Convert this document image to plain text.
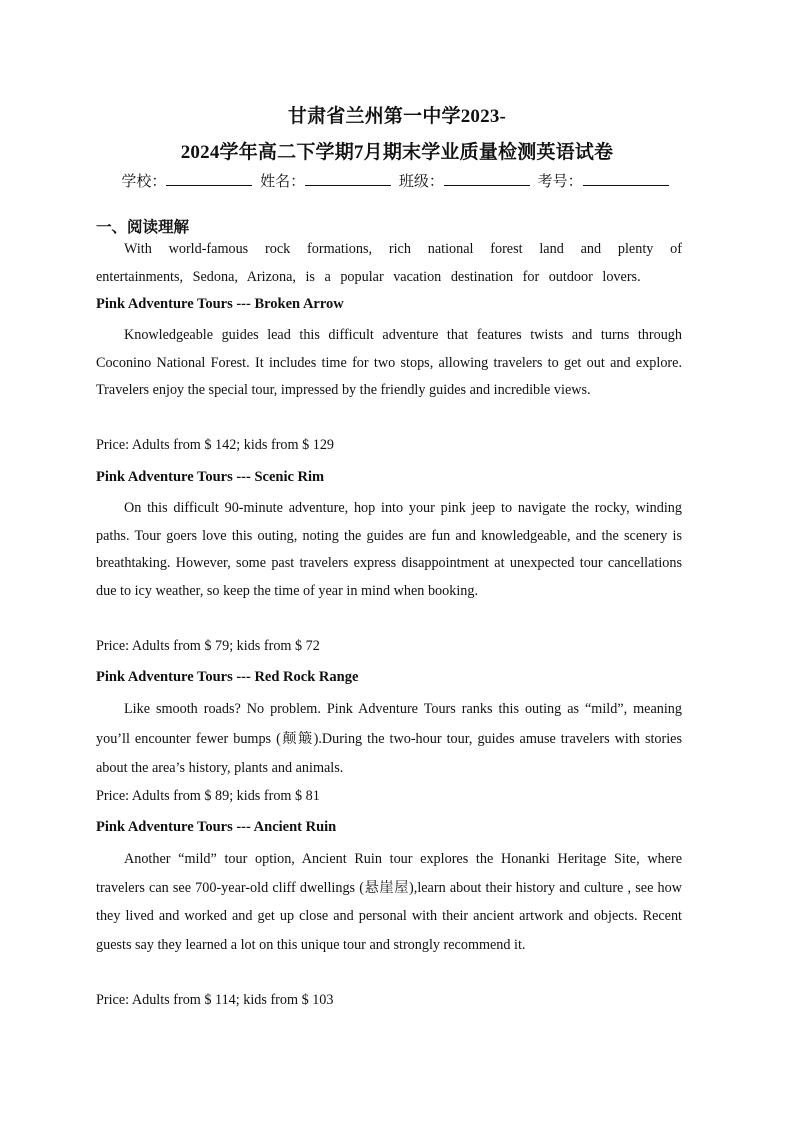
甘肃省兰州第一中学2023-
2024学年高二下学期7月期末学业质量检测英语试卷
学校：	姓名：	班级：	考号：
一、阅读理解
With world-famous rock formations, rich national forest land and plenty of entertainments, Sedona, Arizona, is a popular vacation destination for outdoor lovers.
Pink Adventure Tours --- Broken Arrow
Knowledgeable guides lead this difficult adventure that features twists and turns through Coconino National Forest. It includes time for two stops, allowing travelers to get out and explore. Travelers enjoy the special tour, impressed by the friendly guides and incredible views.
Price: Adults from $ 142; kids from $ 129
Pink Adventure Tours --- Scenic Rim
On this difficult 90-minute adventure, hop into your pink jeep to navigate the rocky, winding paths. Tour goers love this outing, noting the guides are fun and knowledgeable, and the scenery is breathtaking. However, some past travelers express disappointment at unexpected tour cancellations due to icy weather, so keep the time of year in mind when booking.
Price: Adults from $ 79; kids from $ 72
Pink Adventure Tours --- Red Rock Range
Like smooth roads? No problem. Pink Adventure Tours ranks this outing as “mild”, meaning you’ll encounter fewer bumps (颠簸).During the two-hour tour, guides amuse travelers with stories about the area’s history, plants and animals.
Price: Adults from $ 89; kids from $ 81
Pink Adventure Tours --- Ancient Ruin
Another “mild” tour option, Ancient Ruin tour explores the Honanki Heritage Site, where travelers can see 700-year-old cliff dwellings (悬崖屋),learn about their history and culture , see how they lived and worked and get up close and personal with their ancient artwork and objects. Recent guests say they learned a lot on this unique tour and strongly recommend it.
Price: Adults from $ 114; kids from $ 103
